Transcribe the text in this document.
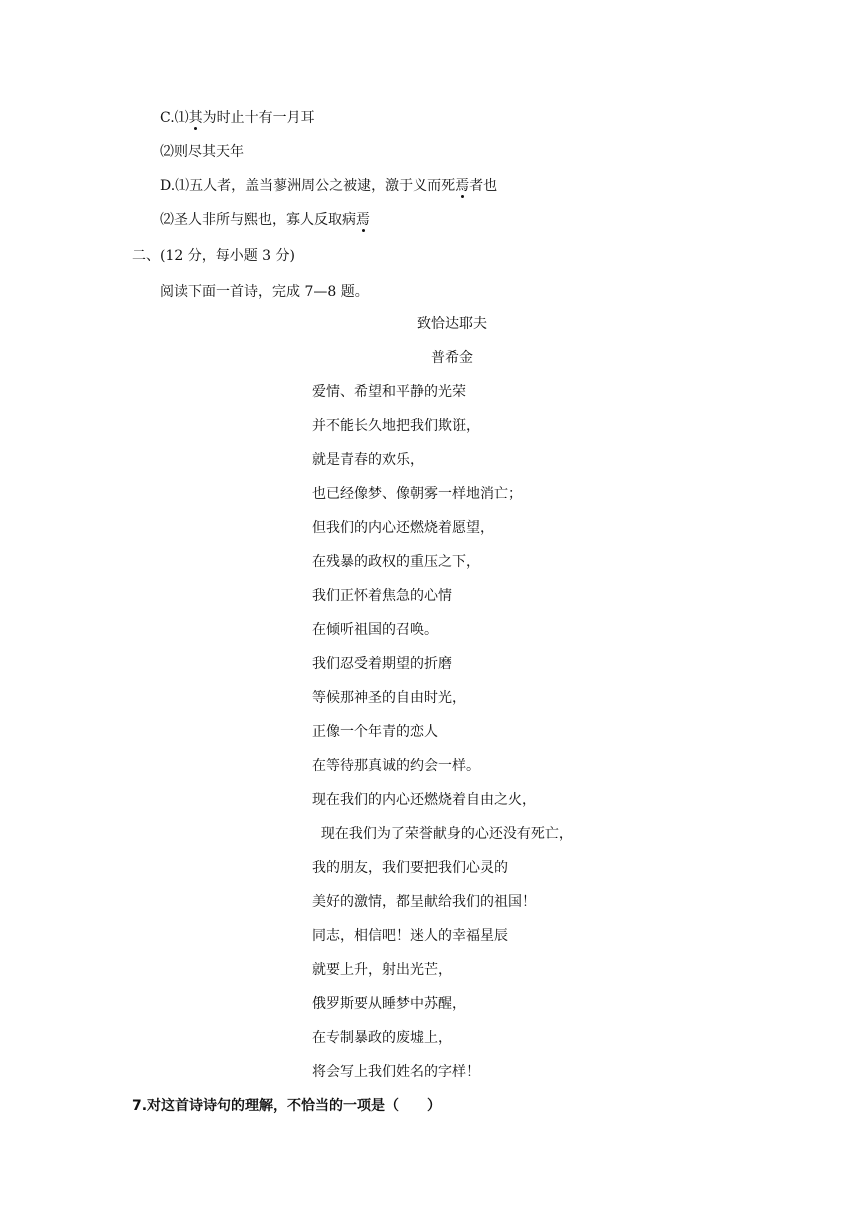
C.⑴其为时止十有一月耳
⑵则尽其天年
D.⑴五人者，盖当蓼洲周公之被逮，激于义而死焉者也
⑵圣人非所与熙也，寡人反取病焉
二、(12 分，每小题 3 分)
阅读下面一首诗，完成 7—8 题。
致恰达耶夫
普希金
爱情、希望和平静的光荣
并不能长久地把我们欺诳，
就是青春的欢乐，
也已经像梦、像朝雾一样地消亡；
但我们的内心还燃烧着愿望，
在残暴的政权的重压之下，
我们正怀着焦急的心情
在倾听祖国的召唤。
我们忍受着期望的折磨
等候那神圣的自由时光，
正像一个年青的恋人
在等待那真诚的约会一样。
现在我们的内心还燃烧着自由之火，
现在我们为了荣誉献身的心还没有死亡，
我的朋友，我们要把我们心灵的
美好的激情，都呈献给我们的祖国！
同志，相信吧！迷人的幸福星辰
就要上升，射出光芒，
俄罗斯要从睡梦中苏醒，
在专制暴政的废墟上，
将会写上我们姓名的字样！
7.对这首诗诗句的理解，不恰当的一项是（　　）
